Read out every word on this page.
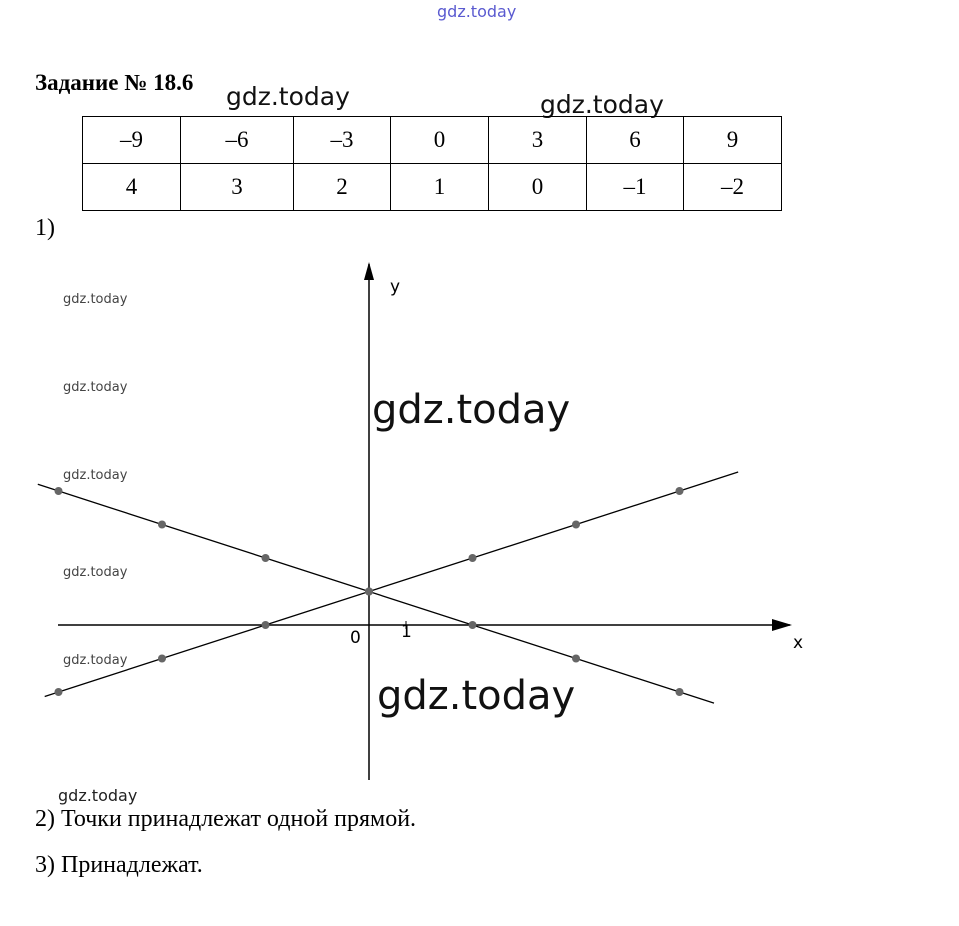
gdz.today
Задание № 18.6 gdz.today	gdz.today
–9	–6	–3	0	3	6	9
4	3	2	1	0	–1	–2
1)
gdz.today
gdz.today
gdz.today
gdz.today
gdz.today
y
x
0 1
gdz.today
gdz.today
gdz.today
2) Точки принадлежат одной прямой.
3) Принадлежат.
